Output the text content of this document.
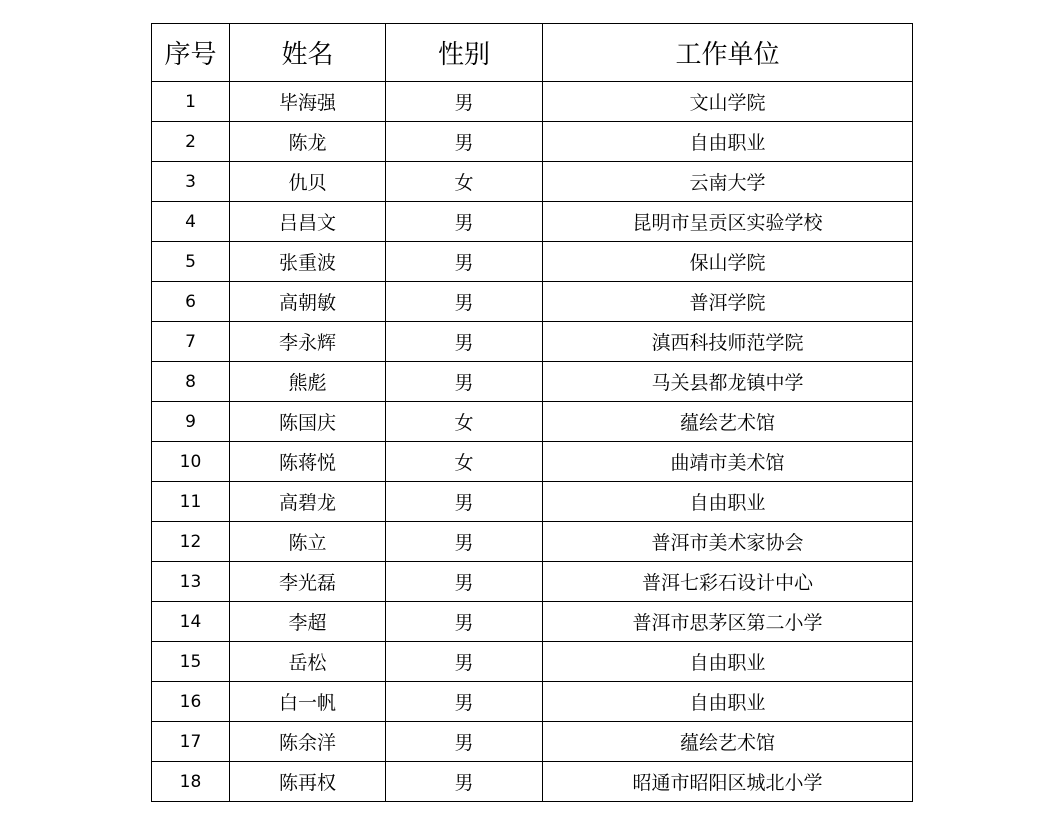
序号	姓名	性别	工作单位
1	毕海强	男	文山学院
2	陈龙	男	自由职业
3	仇贝	女	云南大学
4	吕昌文	男	昆明市呈贡区实验学校
5	张重波	男	保山学院
6	高朝敏	男	普洱学院
7	李永辉	男	滇西科技师范学院
8	熊彪	男	马关县都龙镇中学
9	陈国庆	女	蕴绘艺术馆
10	陈蒋悦	女	曲靖市美术馆
11	高碧龙	男	自由职业
12	陈立	男	普洱市美术家协会
13	李光磊	男	普洱七彩石设计中心
14	李超	男	普洱市思茅区第二小学
15	岳松	男	自由职业
16	白一帆	男	自由职业
17	陈余洋	男	蕴绘艺术馆
18	陈再权	男	昭通市昭阳区城北小学
